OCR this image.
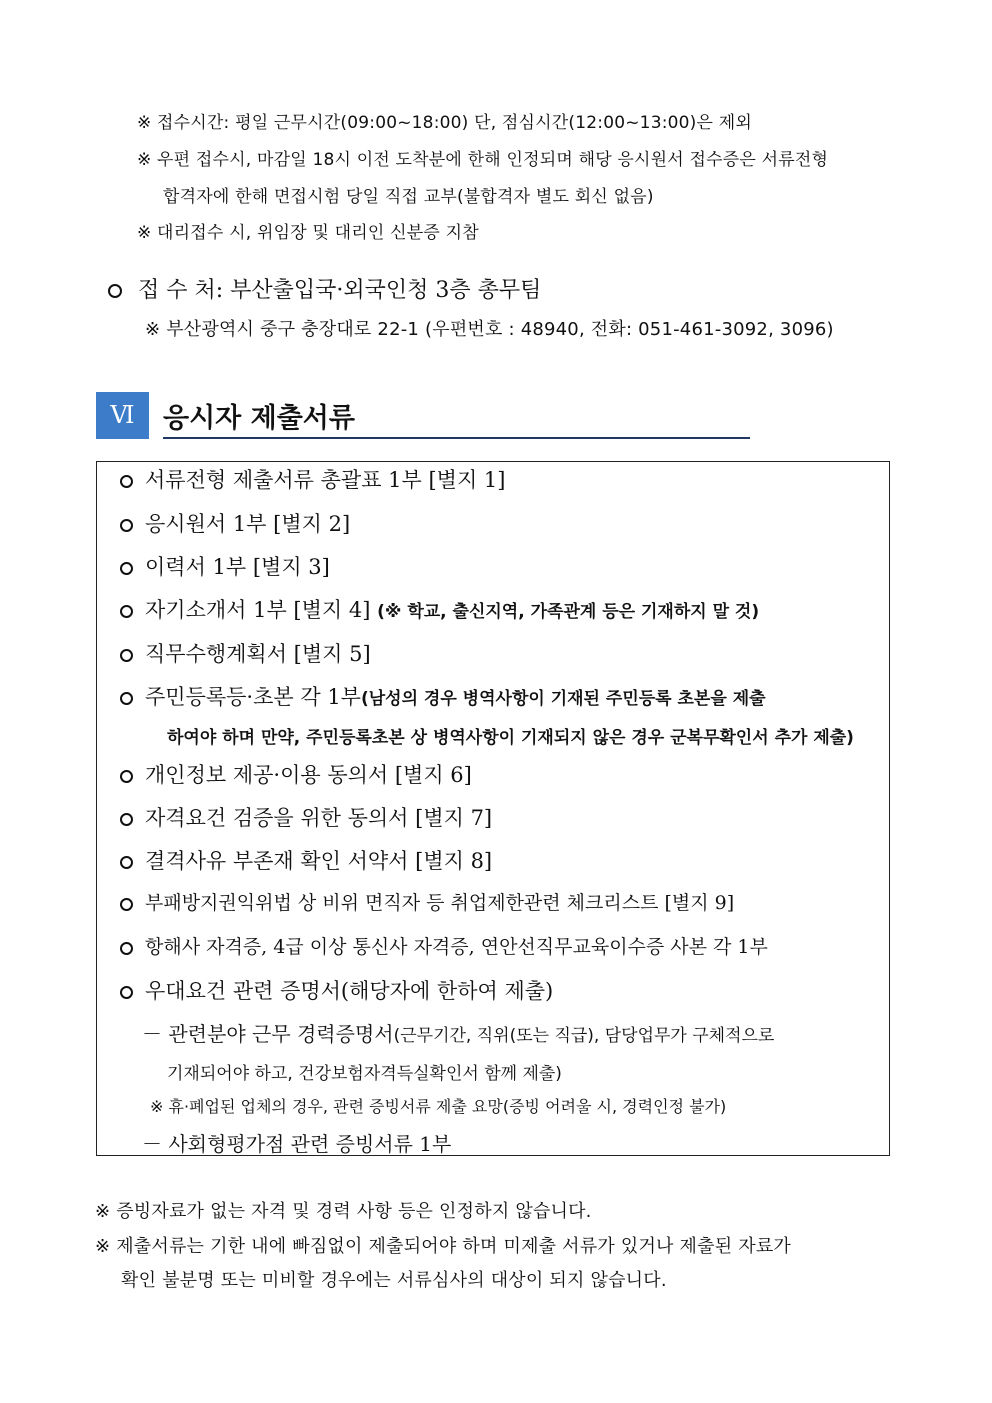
※ 접수시간: 평일 근무시간(09:00~18:00) 단, 점심시간(12:00~13:00)은 제외
※ 우편 접수시, 마감일 18시 이전 도착분에 한해 인정되며 해당 응시원서 접수증은 서류전형
합격자에 한해 면접시험 당일 직접 교부(불합격자 별도 회신 없음)
※ 대리접수 시, 위임장 및 대리인 신분증 지참
접 수 처: 부산출입국·외국인청 3층 총무팀
※ 부산광역시 중구 충장대로 22-1 (우편번호 : 48940, 전화: 051-461-3092, 3096)
Ⅵ	응시자 제출서류
서류전형 제출서류 총괄표 1부 [별지 1]
응시원서 1부 [별지 2]
이력서 1부 [별지 3]
자기소개서 1부 [별지 4] (※ 학교, 출신지역, 가족관계 등은 기재하지 말 것)
직무수행계획서 [별지 5]
주민등록등·초본 각 1부(남성의 경우 병역사항이 기재된 주민등록 초본을 제출
하여야 하며 만약, 주민등록초본 상 병역사항이 기재되지 않은 경우 군복무확인서 추가 제출)
개인정보 제공·이용 동의서 [별지 6]
자격요건 검증을 위한 동의서 [별지 7]
결격사유 부존재 확인 서약서 [별지 8]
부패방지권익위법 상 비위 면직자 등 취업제한관련 체크리스트 [별지 9]
항해사 자격증, 4급 이상 통신사 자격증, 연안선직무교육이수증 사본 각 1부
우대요건 관련 증명서(해당자에 한하여 제출)
－ 관련분야 근무 경력증명서(근무기간, 직위(또는 직급), 담당업무가 구체적으로
기재되어야 하고, 건강보험자격득실확인서 함께 제출)
※ 휴·폐업된 업체의 경우, 관련 증빙서류 제출 요망(증빙 어려울 시, 경력인정 불가)
－ 사회형평가점 관련 증빙서류 1부
※ 증빙자료가 없는 자격 및 경력 사항 등은 인정하지 않습니다.
※ 제출서류는 기한 내에 빠짐없이 제출되어야 하며 미제출 서류가 있거나 제출된 자료가
확인 불분명 또는 미비할 경우에는 서류심사의 대상이 되지 않습니다.
